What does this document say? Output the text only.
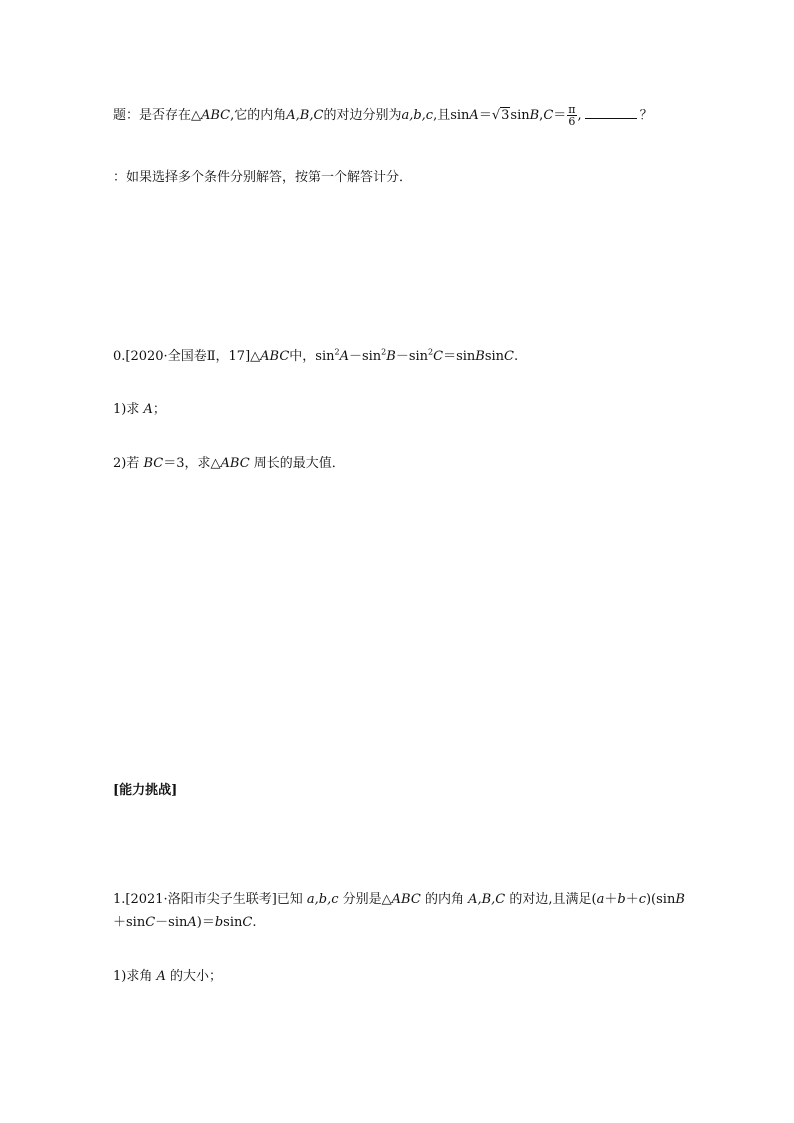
题：是否存在△ABC,它的内角A,B,C的对边分别为a,b,c,且$\sin A=√3\sin B,C= \frac{\pi}{6}$ ,	？
：如果选择多个条件分别解答，按第一个解答计分．
0.[2020·全国卷Ⅱ，17]△ABC中，$\sin^2A-\sin^2B-\sin^2C=sinBsinC$.
1)求 A；
2)若 BC＝3，求△ABC 周长的最大值．
[能力挑战]
1.[2021·洛阳市尖子生联考]已知 a,b,c 分别是△ABC 的内角 A,B,C 的对边,且满足(a＋b＋c)(sinB
＋sinC－sinA)＝bsinC.
1)求角 A 的大小；
